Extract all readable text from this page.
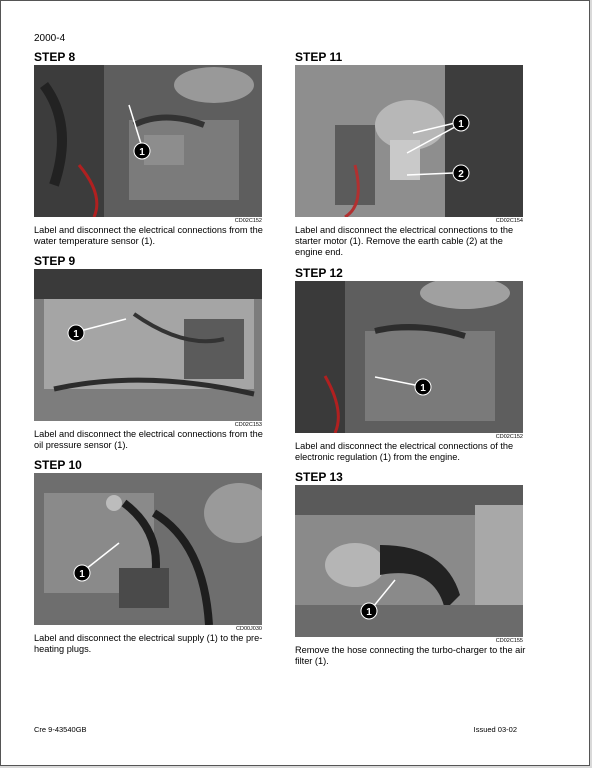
2000-4
STEP 8
1
CD02C152
Label and disconnect the electrical connections from the water temperature sensor (1).
STEP 9
1
CD02C153
Label and disconnect the electrical connections from the oil pressure sensor (1).
STEP 10
1
CD00J030
Label and disconnect the electrical supply (1) to the pre-heating plugs.
STEP 11
1
2
CD02C154
Label and disconnect the electrical connections to the starter motor (1). Remove the earth cable (2) at the engine end.
STEP 12
1
CD02C152
Label and disconnect the electrical connections of the electronic regulation (1) from the engine.
STEP 13
1
CD02C155
Remove the hose connecting the turbo-charger to the air filter (1).
Cre 9-43540GB	Issued 03-02
